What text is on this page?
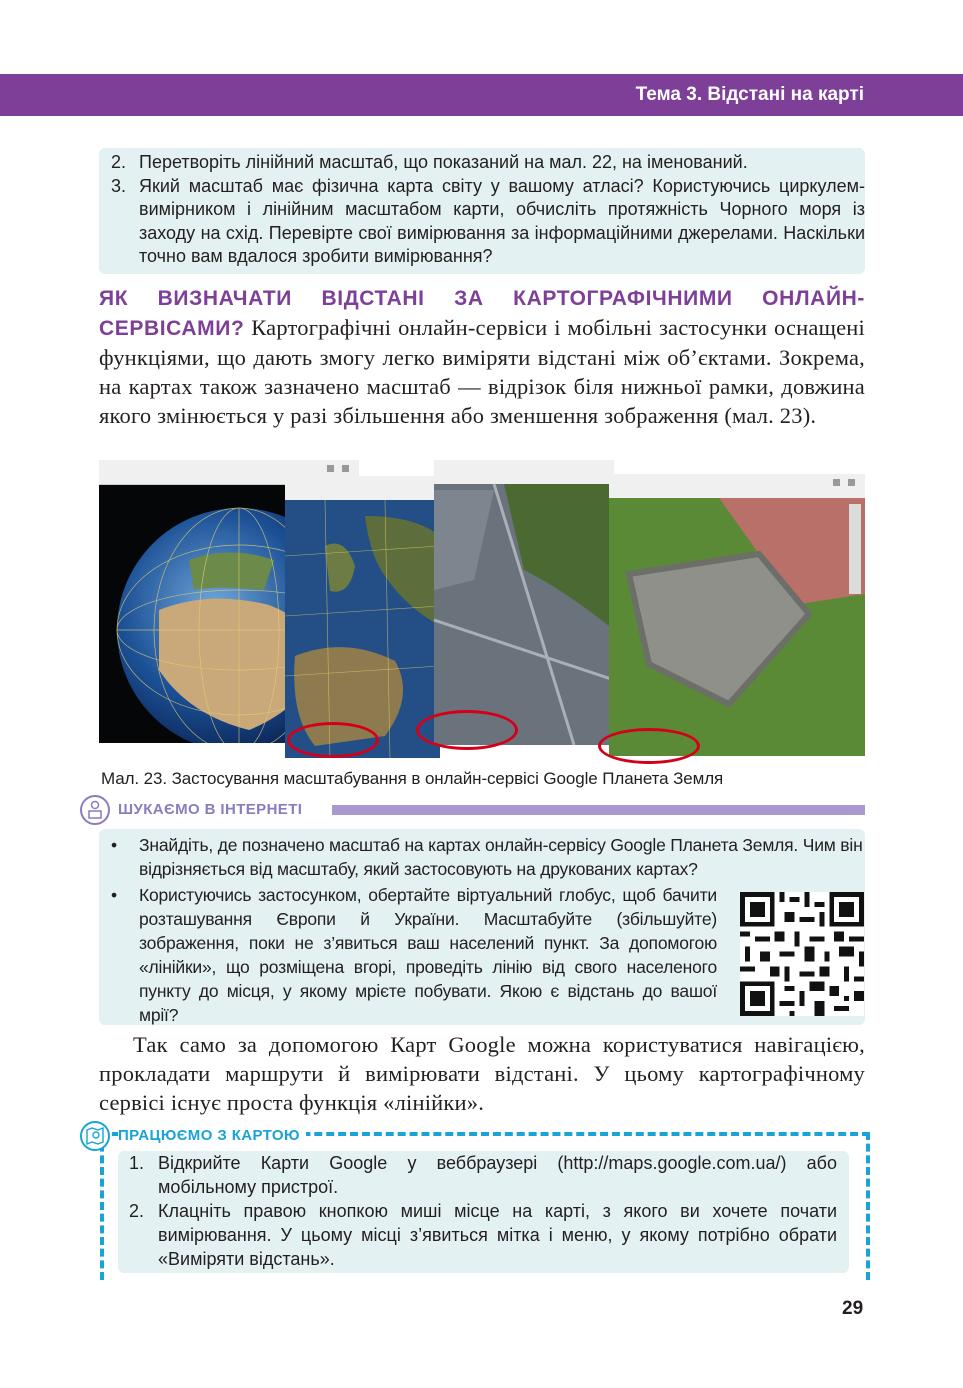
Тема 3. Відстані на карті
2. Перетворіть лінійний масштаб, що показаний на мал. 22, на іменований.
3. Який масштаб має фізична карта світу у вашому атласі? Користуючись циркулем-вимірником і лінійним масштабом карти, обчисліть протяжність Чорного моря із заходу на схід. Перевірте свої вимірювання за інформаційними джерелами. Наскільки точно вам вдалося зробити вимірювання?

ЯК ВИЗНАЧАТИ ВІДСТАНІ ЗА КАРТОГРАФІЧНИМИ ОНЛАЙН-СЕРВІСАМИ? Картографічні онлайн-сервіси і мобільні застосунки оснащені функціями, що дають змогу легко виміряти відстані між об’єктами. Зокрема, на картах також зазначено масштаб — відрізок біля нижньої рамки, довжина якого змінюється у разі збільшення або зменшення зображення (мал. 23).

Мал. 23. Застосування масштабування в онлайн-сервісі Google Планета Земля
ШУКАЄМО В ІНТЕРНЕТІ
• Знайдіть, де позначено масштаб на картах онлайн-сервісу Google Планета Земля. Чим він відрізняється від масштабу, який застосовують на друкованих картах?
• Користуючись застосунком, обертайте віртуальний глобус, щоб бачити розташування Європи й України. Масштабуйте (збільшуйте) зображення, поки не з’явиться ваш населений пункт. За допомогою «лінійки», що розміщена вгорі, проведіть лінію від свого населеного пункту до місця, у якому мрієте побувати. Якою є відстань до вашої мрії?

Так само за допомогою Карт Google можна користуватися навігацією, прокладати маршрути й вимірювати відстані. У цьому картографічному сервісі існує проста функція «лінійки».

ПРАЦЮЄМО З КАРТОЮ
1. Відкрийте Карти Google у веббраузері (http://maps.google.com.ua/) або мобільному пристрої.
2. Клацніть правою кнопкою миші місце на карті, з якого ви хочете почати вимірювання. У цьому місці з’явиться мітка і меню, у якому потрібно обрати «Виміряти відстань».
29
